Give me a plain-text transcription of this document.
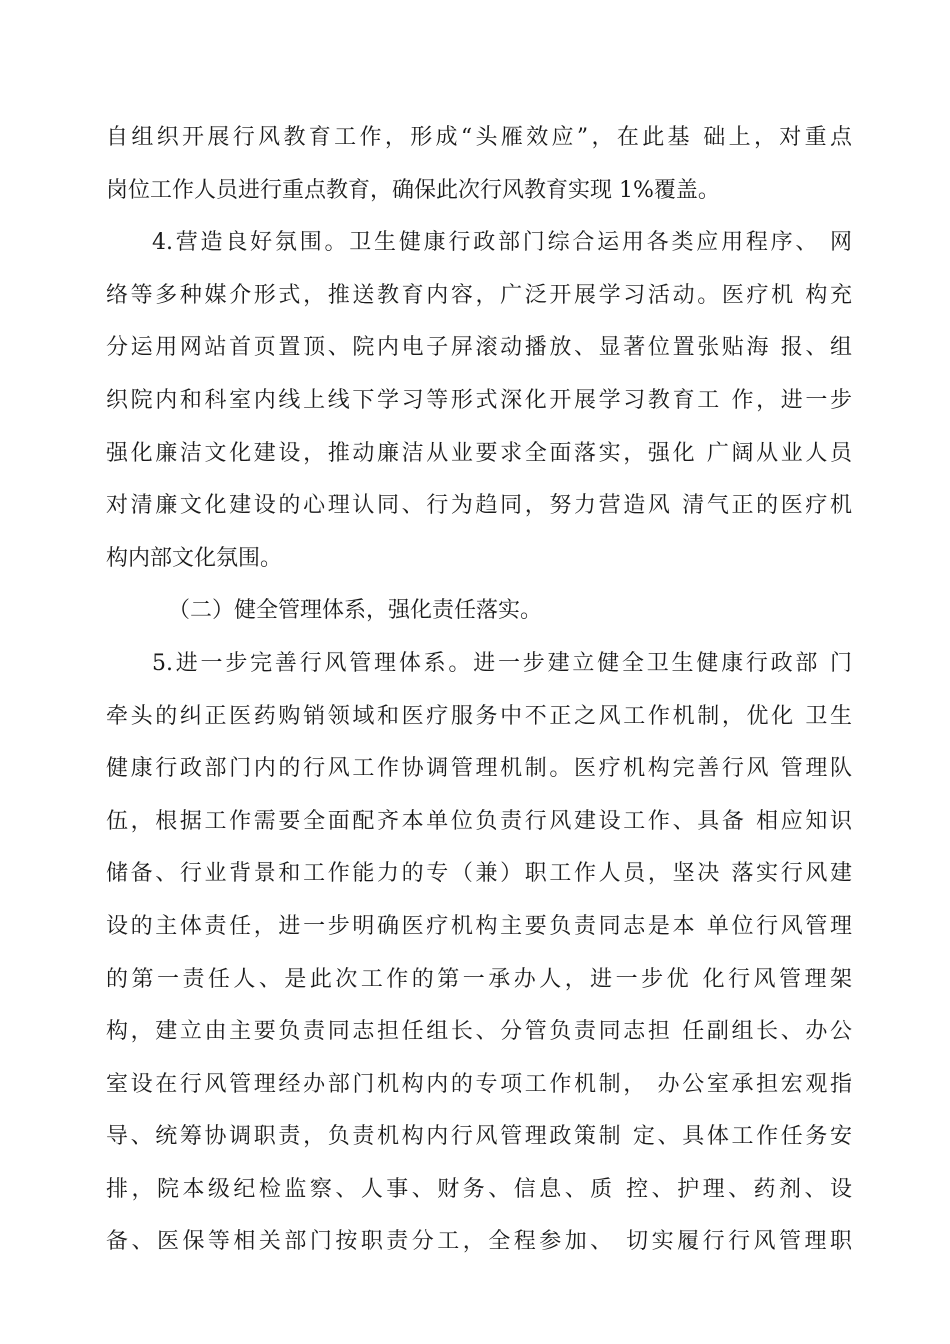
自组织开展行风教育工作，形成“头雁效应”，在此基 础上，对重点
岗位工作人员进行重点教育，确保此次行风教育实现 1%覆盖。
4.营造良好氛围。卫生健康行政部门综合运用各类应用程序、 网
络等多种媒介形式，推送教育内容，广泛开展学习活动。医疗机 构充
分运用网站首页置顶、院内电子屏滚动播放、显著位置张贴海 报、组
织院内和科室内线上线下学习等形式深化开展学习教育工 作，进一步
强化廉洁文化建设，推动廉洁从业要求全面落实，强化 广阔从业人员
对清廉文化建设的心理认同、行为趋同，努力营造风 清气正的医疗机
构内部文化氛围。
（二）健全管理体系，强化责任落实。
5.进一步完善行风管理体系。进一步建立健全卫生健康行政部 门
牵头的纠正医药购销领域和医疗服务中不正之风工作机制，优化 卫生
健康行政部门内的行风工作协调管理机制。医疗机构完善行风 管理队
伍，根据工作需要全面配齐本单位负责行风建设工作、具备 相应知识
储备、行业背景和工作能力的专（兼）职工作人员，坚决 落实行风建
设的主体责任，进一步明确医疗机构主要负责同志是本 单位行风管理
的第一责任人、是此次工作的第一承办人，进一步优 化行风管理架
构，建立由主要负责同志担任组长、分管负责同志担 任副组长、办公
室设在行风管理经办部门机构内的专项工作机制， 办公室承担宏观指
导、统筹协调职责，负责机构内行风管理政策制 定、具体工作任务安
排，院本级纪检监察、人事、财务、信息、质 控、护理、药剂、设
备、医保等相关部门按职责分工，全程参加、 切实履行行风管理职
